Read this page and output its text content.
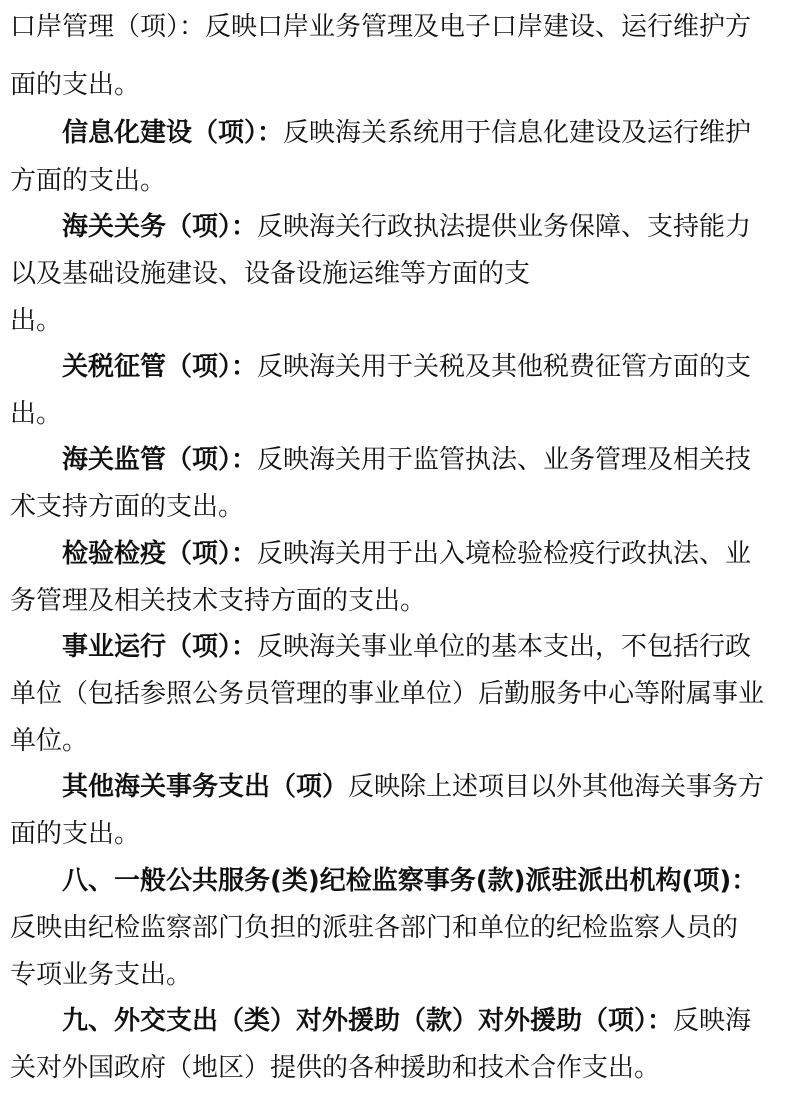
口岸管理（项）：反映口岸业务管理及电子口岸建设、运行维护方
面的支出。
信息化建设（项）：反映海关系统用于信息化建设及运行维护
方面的支出。
海关关务（项）：反映海关行政执法提供业务保障、支持能力
以及基础设施建设、设备设施运维等方面的支
出。
关税征管（项）：反映海关用于关税及其他税费征管方面的支
出。
海关监管（项）：反映海关用于监管执法、业务管理及相关技
术支持方面的支出。
检验检疫（项）：反映海关用于出入境检验检疫行政执法、业
务管理及相关技术支持方面的支出。
事业运行（项）：反映海关事业单位的基本支出，不包括行政
单位（包括参照公务员管理的事业单位）后勤服务中心等附属事业
单位。
其他海关事务支出（项）反映除上述项目以外其他海关事务方
面的支出。
八、一般公共服务(类)纪检监察事务(款)派驻派出机构(项)：
反映由纪检监察部门负担的派驻各部门和单位的纪检监察人员的
专项业务支出。
九、外交支出（类）对外援助（款）对外援助（项）：反映海
关对外国政府（地区）提供的各种援助和技术合作支出。
